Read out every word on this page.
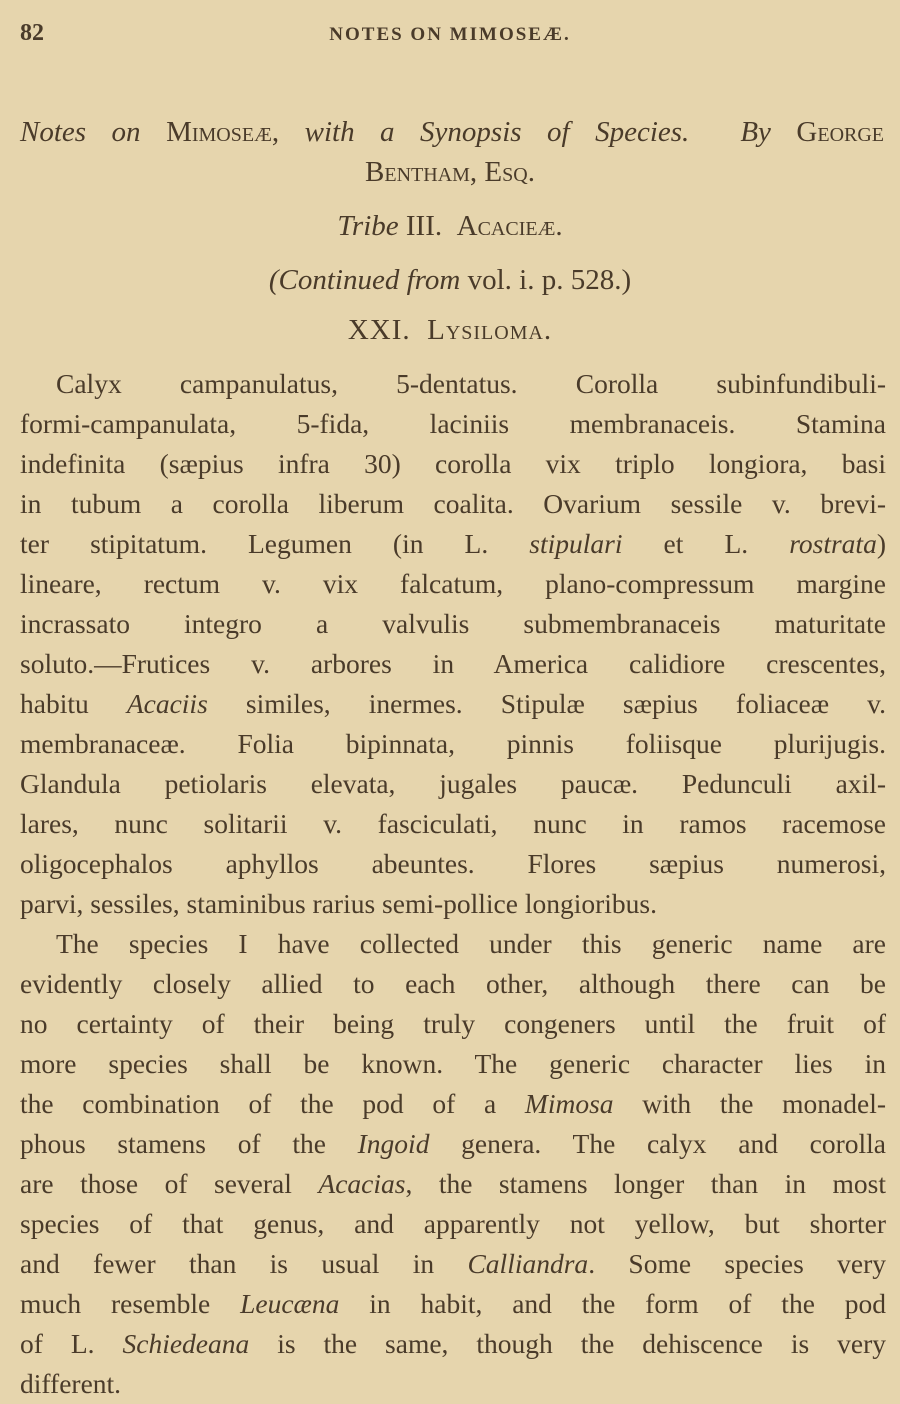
82	NOTES ON MIMOSEÆ.
Notes on Mimoseæ, with a Synopsis of Species. By George
Bentham, Esq.
Tribe III. Acacieæ.
(Continued from vol. i. p. 528.)
XXI. Lysiloma.
Calyx campanulatus, 5-dentatus. Corolla subinfundibuli-
formi-campanulata, 5-fida, laciniis membranaceis. Stamina
indefinita (sæpius infra 30) corolla vix triplo longiora, basi
in tubum a corolla liberum coalita. Ovarium sessile v. brevi-
ter stipitatum. Legumen (in L. stipulari et L. rostrata)
lineare, rectum v. vix falcatum, plano-compressum margine
incrassato integro a valvulis submembranaceis maturitate
soluto.—Frutices v. arbores in America calidiore crescentes,
habitu Acaciis similes, inermes. Stipulæ sæpius foliaceæ v.
membranaceæ. Folia bipinnata, pinnis foliisque plurijugis.
Glandula petiolaris elevata, jugales paucæ. Pedunculi axil-
lares, nunc solitarii v. fasciculati, nunc in ramos racemose
oligocephalos aphyllos abeuntes. Flores sæpius numerosi,
parvi, sessiles, staminibus rarius semi-pollice longioribus.
The species I have collected under this generic name are
evidently closely allied to each other, although there can be
no certainty of their being truly congeners until the fruit of
more species shall be known. The generic character lies in
the combination of the pod of a Mimosa with the monadel-
phous stamens of the Ingoid genera. The calyx and corolla
are those of several Acacias, the stamens longer than in most
species of that genus, and apparently not yellow, but shorter
and fewer than is usual in Calliandra. Some species very
much resemble Leucæna in habit, and the form of the pod
of L. Schiedeana is the same, though the dehiscence is very
different.
